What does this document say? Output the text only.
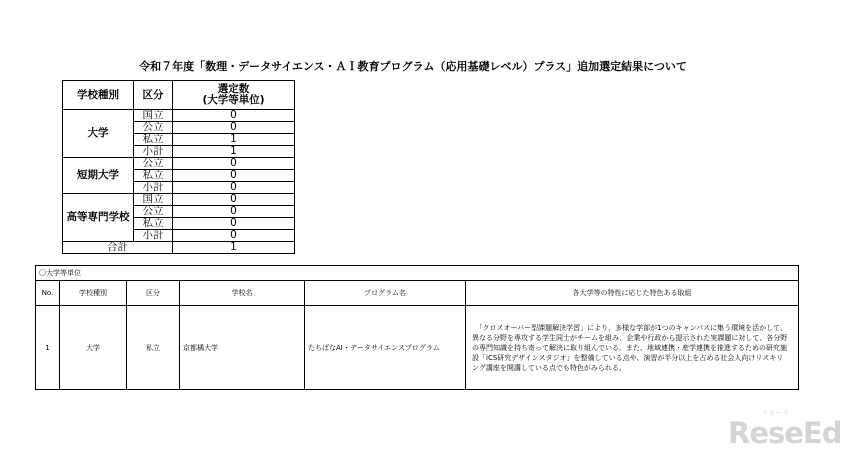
令和７年度「数理・データサイエンス・ＡＩ教育プログラム（応用基礎レベル）プラス」追加選定結果について
学校種別	区分	選定数
(大学等単位)

大学	国立	0
	公立	0
	私立	1
	小計	1
短期大学	公立	0
	私立	0
	小計	0
高等専門学校	国立	0
	公立	0
	私立	0
	小計	0
合計		1
〇大学等単位					
No.	学校種別	区分	学校名	プログラム名	各大学等の特性に応じた特色ある取組
1	大学	私立	京都橘大学	たちばなAI・データサイエンスプログラム	　「クロスオーバー型課題解決学習」により、多様な学部が1つのキャンパスに集う環境を活かして、異なる分野を専攻する学生同士がチームを組み、企業や行政から提示された実課題に対して、各分野の専門知識を持ち寄って解決に取り組んでいる。また、地域連携・産学連携を推進するための研究施設「iCS研究デザインスタジオ」を整備している点や、演習が半分以上を占める社会人向けリスキリング講座を開講している点でも特色がみられる。
リシード
ReseEd
